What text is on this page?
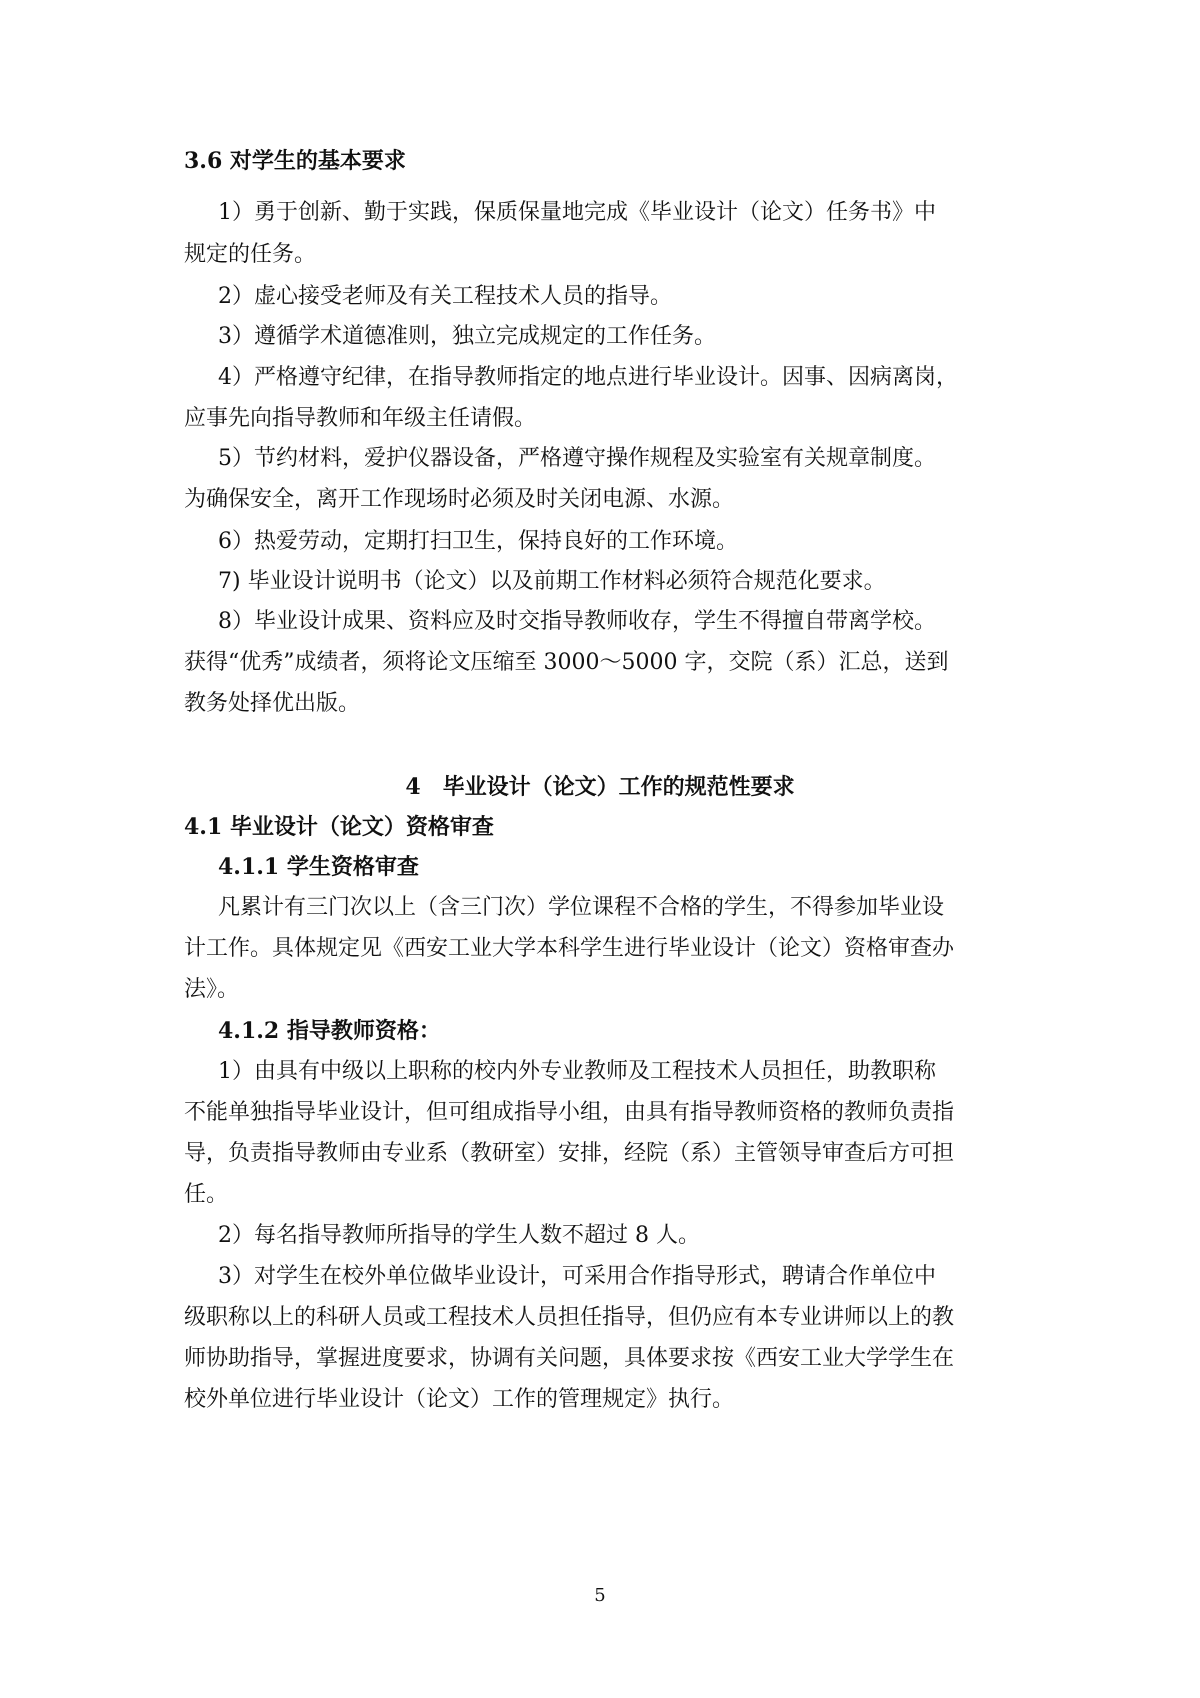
3.6 对学生的基本要求
1）勇于创新、勤于实践，保质保量地完成《毕业设计（论文）任务书》中
规定的任务。
2）虚心接受老师及有关工程技术人员的指导。
3）遵循学术道德准则，独立完成规定的工作任务。
4）严格遵守纪律，在指导教师指定的地点进行毕业设计。因事、因病离岗，
应事先向指导教师和年级主任请假。
5）节约材料，爱护仪器设备，严格遵守操作规程及实验室有关规章制度。
为确保安全，离开工作现场时必须及时关闭电源、水源。
6）热爱劳动，定期打扫卫生，保持良好的工作环境。
7) 毕业设计说明书（论文）以及前期工作材料必须符合规范化要求。
8）毕业设计成果、资料应及时交指导教师收存，学生不得擅自带离学校。
获得“优秀”成绩者，须将论文压缩至 3000～5000 字，交院（系）汇总，送到
教务处择优出版。
4　毕业设计（论文）工作的规范性要求
4.1 毕业设计（论文）资格审查
4.1.1 学生资格审查
凡累计有三门次以上（含三门次）学位课程不合格的学生，不得参加毕业设
计工作。具体规定见《西安工业大学本科学生进行毕业设计（论文）资格审查办
法》。
4.1.2 指导教师资格：
1）由具有中级以上职称的校内外专业教师及工程技术人员担任，助教职称
不能单独指导毕业设计，但可组成指导小组，由具有指导教师资格的教师负责指
导，负责指导教师由专业系（教研室）安排，经院（系）主管领导审查后方可担
任。
2）每名指导教师所指导的学生人数不超过 8 人。
3）对学生在校外单位做毕业设计，可采用合作指导形式，聘请合作单位中
级职称以上的科研人员或工程技术人员担任指导，但仍应有本专业讲师以上的教
师协助指导，掌握进度要求，协调有关问题，具体要求按《西安工业大学学生在
校外单位进行毕业设计（论文）工作的管理规定》执行。
5
